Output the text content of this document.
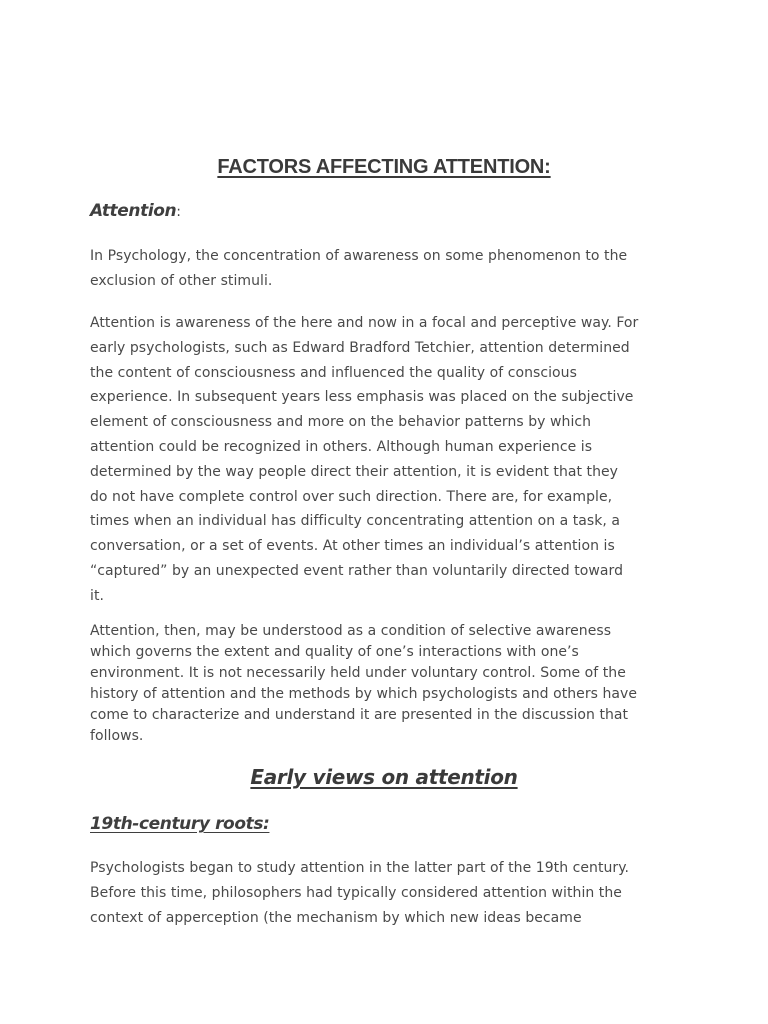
FACTORS AFFECTING ATTENTION:
Attention:

In Psychology, the concentration of awareness on some phenomenon to the
exclusion of other stimuli.

Attention is awareness of the here and now in a focal and perceptive way. For
early psychologists, such as Edward Bradford Tetchier, attention determined
the content of consciousness and influenced the quality of conscious
experience. In subsequent years less emphasis was placed on the subjective
element of consciousness and more on the behavior patterns by which
attention could be recognized in others. Although human experience is
determined by the way people direct their attention, it is evident that they
do not have complete control over such direction. There are, for example,
times when an individual has difficulty concentrating attention on a task, a
conversation, or a set of events. At other times an individual’s attention is
“captured” by an unexpected event rather than voluntarily directed toward
it.

Attention, then, may be understood as a condition of selective awareness
which governs the extent and quality of one’s interactions with one’s
environment. It is not necessarily held under voluntary control. Some of the
history of attention and the methods by which psychologists and others have
come to characterize and understand it are presented in the discussion that
follows.

Early views on attention
19th-century roots:

Psychologists began to study attention in the latter part of the 19th century.
Before this time, philosophers had typically considered attention within the
context of apperception (the mechanism by which new ideas became
